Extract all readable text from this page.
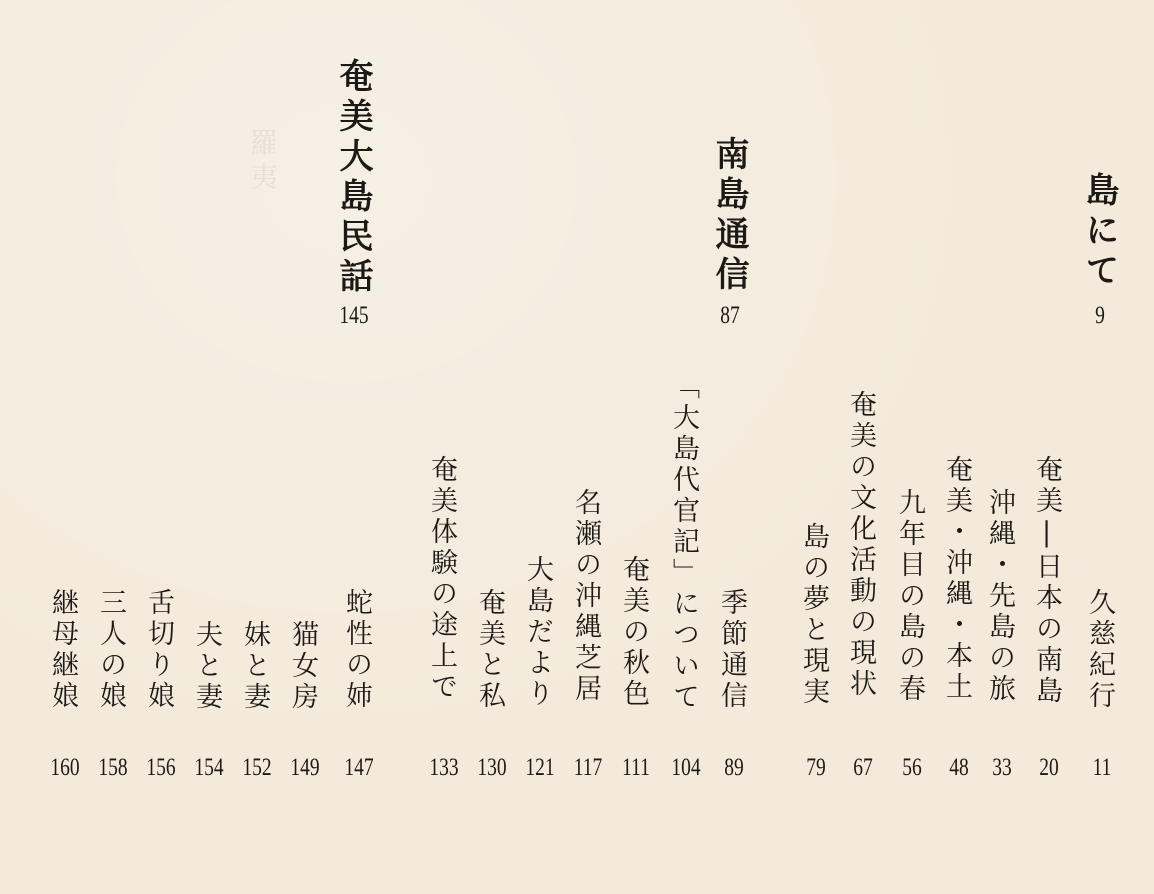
羅夷
島にて
9
南島通信
87
奄美大島民話
145
久慈紀行
11
奄美|日本の南島
20
沖縄・先島の旅
33
奄美・沖縄・本土
48
九年目の島の春
56
奄美の文化活動の現状
67
島の夢と現実
79
季節通信
89
「大島代官記」について
104
奄美の秋色
111
名瀬の沖縄芝居
117
大島だより
121
奄美と私
130
奄美体験の途上で
133
蛇性の姉
147
猫女房
149
妹と妻
152
夫と妻
154
舌切り娘
156
三人の娘
158
継母継娘
160
